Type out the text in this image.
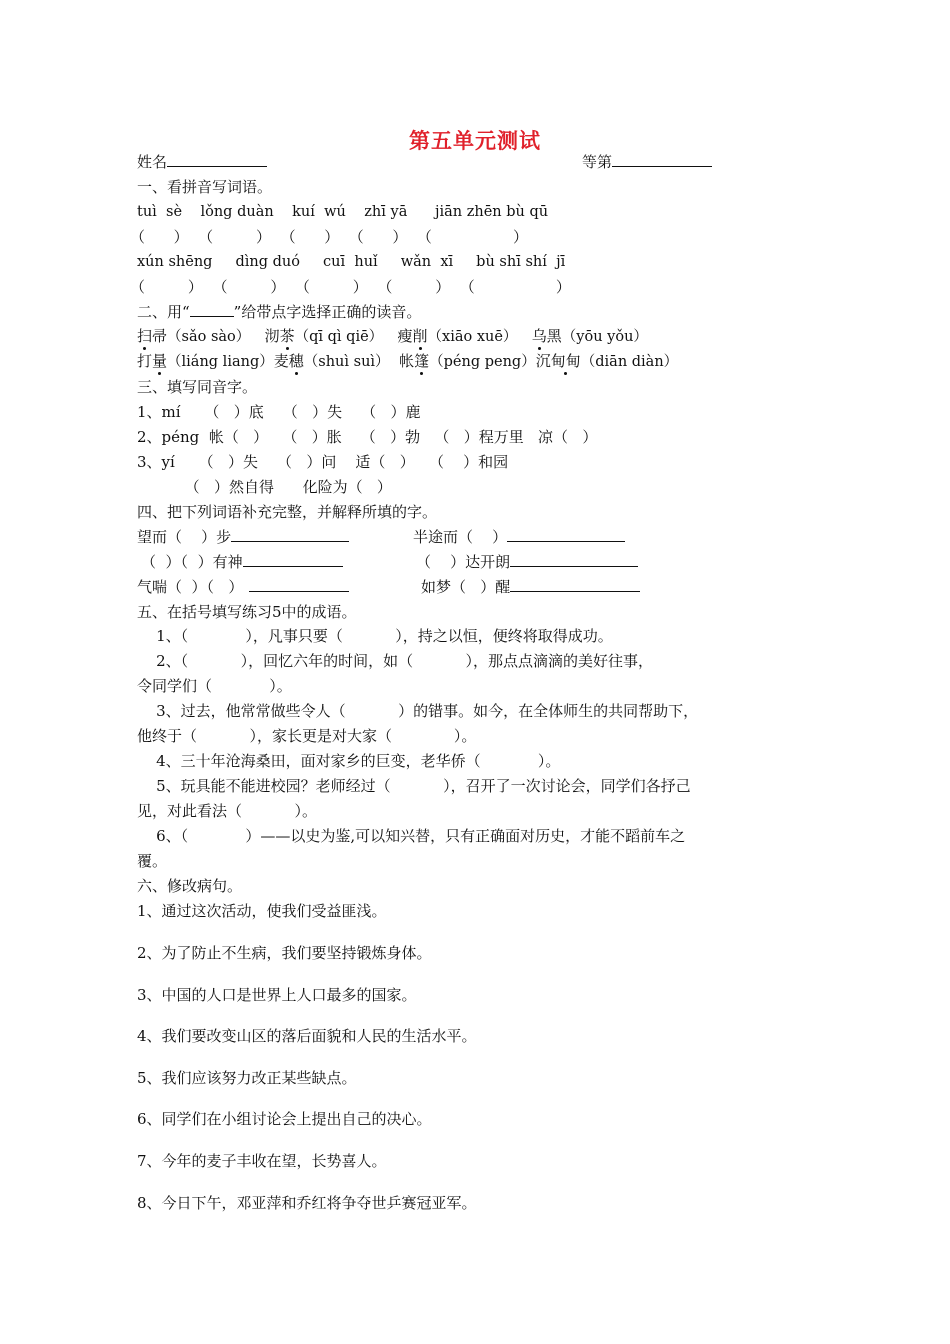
第五单元测试
姓名	等第
一、看拼音写词语。
tuì  sè    lǒng duàn    kuí  wú    zhī yā      jiān zhēn bù qū
（      ）  （         ）  （      ）  （      ）  （                 ）
xún shēng     dìng duó     cuī  huǐ     wǎn  xī     bù shī shí  jī
（         ）  （         ）  （         ）  （         ）  （                 ）
二、用“	”给带点字选择正确的读音。
扫帚（sǎo sào） 沏茶（qī qì qiē） 瘦削（xiāo xuē） 乌黑（yōu yǒu）
打量（liáng liang）麦穗（shuì suì） 帐篷（péng peng）沉甸甸（diān diàn）
三、填写同音字。
1、mí     （   ）底    （   ）失    （   ）鹿
2、péng  帐（   ）   （   ）胀    （   ）勃   （   ）程万里   凉（   ）
3、yí     （   ）失    （   ）问    适（   ）   （    ）和园
（   ）然自得      化险为（   ）
四、把下列词语补充完整，并解释所填的字。
望而（    ）步	半途而（    ）
（  ）（  ）有神	（    ）达开朗
气喘（  ）（   ）	如梦（   ）醒
五、在括号填写练习5中的成语。
1、（            ），凡事只要（           ），持之以恒，便终将取得成功。
2、（           ），回忆六年的时间，如（           ），那点点滴滴的美好往事，
令同学们（            ）。
3、过去，他常常做些令人（           ）的错事。如今，在全体师生的共同帮助下，
他终于（           ），家长更是对大家（             ）。
4、三十年沧海桑田，面对家乡的巨变，老华侨（            ）。
5、玩具能不能进校园？老师经过（           ），召开了一次讨论会，同学们各抒己
见，对此看法（           ）。
6、（            ）——以史为鉴,可以知兴替，只有正确面对历史，才能不蹈前车之
覆。
六、修改病句。
1、通过这次活动，使我们受益匪浅。
2、为了防止不生病，我们要坚持锻炼身体。
3、中国的人口是世界上人口最多的国家。
4、我们要改变山区的落后面貌和人民的生活水平。
5、我们应该努力改正某些缺点。
6、同学们在小组讨论会上提出自己的决心。
7、今年的麦子丰收在望，长势喜人。
8、今日下午，邓亚萍和乔红将争夺世乒赛冠亚军。
